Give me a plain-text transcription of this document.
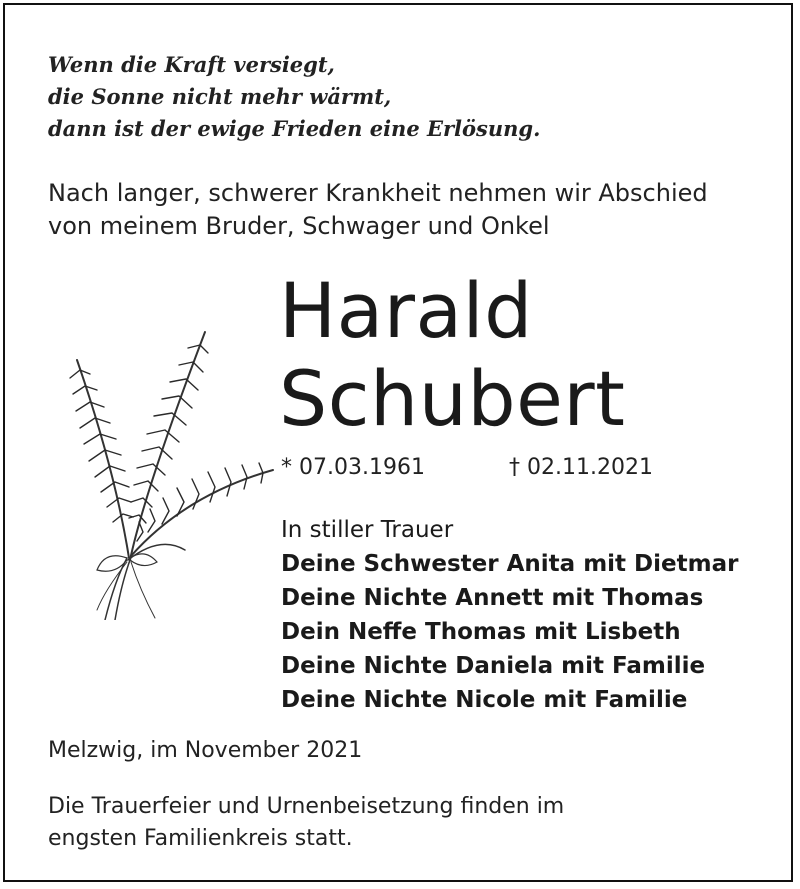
Wenn die Kraft versiegt,
die Sonne nicht mehr wärmt,
dann ist der ewige Frieden eine Erlösung.
Nach langer, schwerer Krankheit nehmen wir Abschied
von meinem Bruder, Schwager und Onkel
Harald
Schubert
* 07.03.1961	† 02.11.2021
In stiller Trauer
Deine Schwester Anita mit Dietmar
Deine Nichte Annett mit Thomas
Dein Neffe Thomas mit Lisbeth
Deine Nichte Daniela mit Familie
Deine Nichte Nicole mit Familie
Melzwig, im November 2021
Die Trauerfeier und Urnenbeisetzung finden im
engsten Familienkreis statt.
